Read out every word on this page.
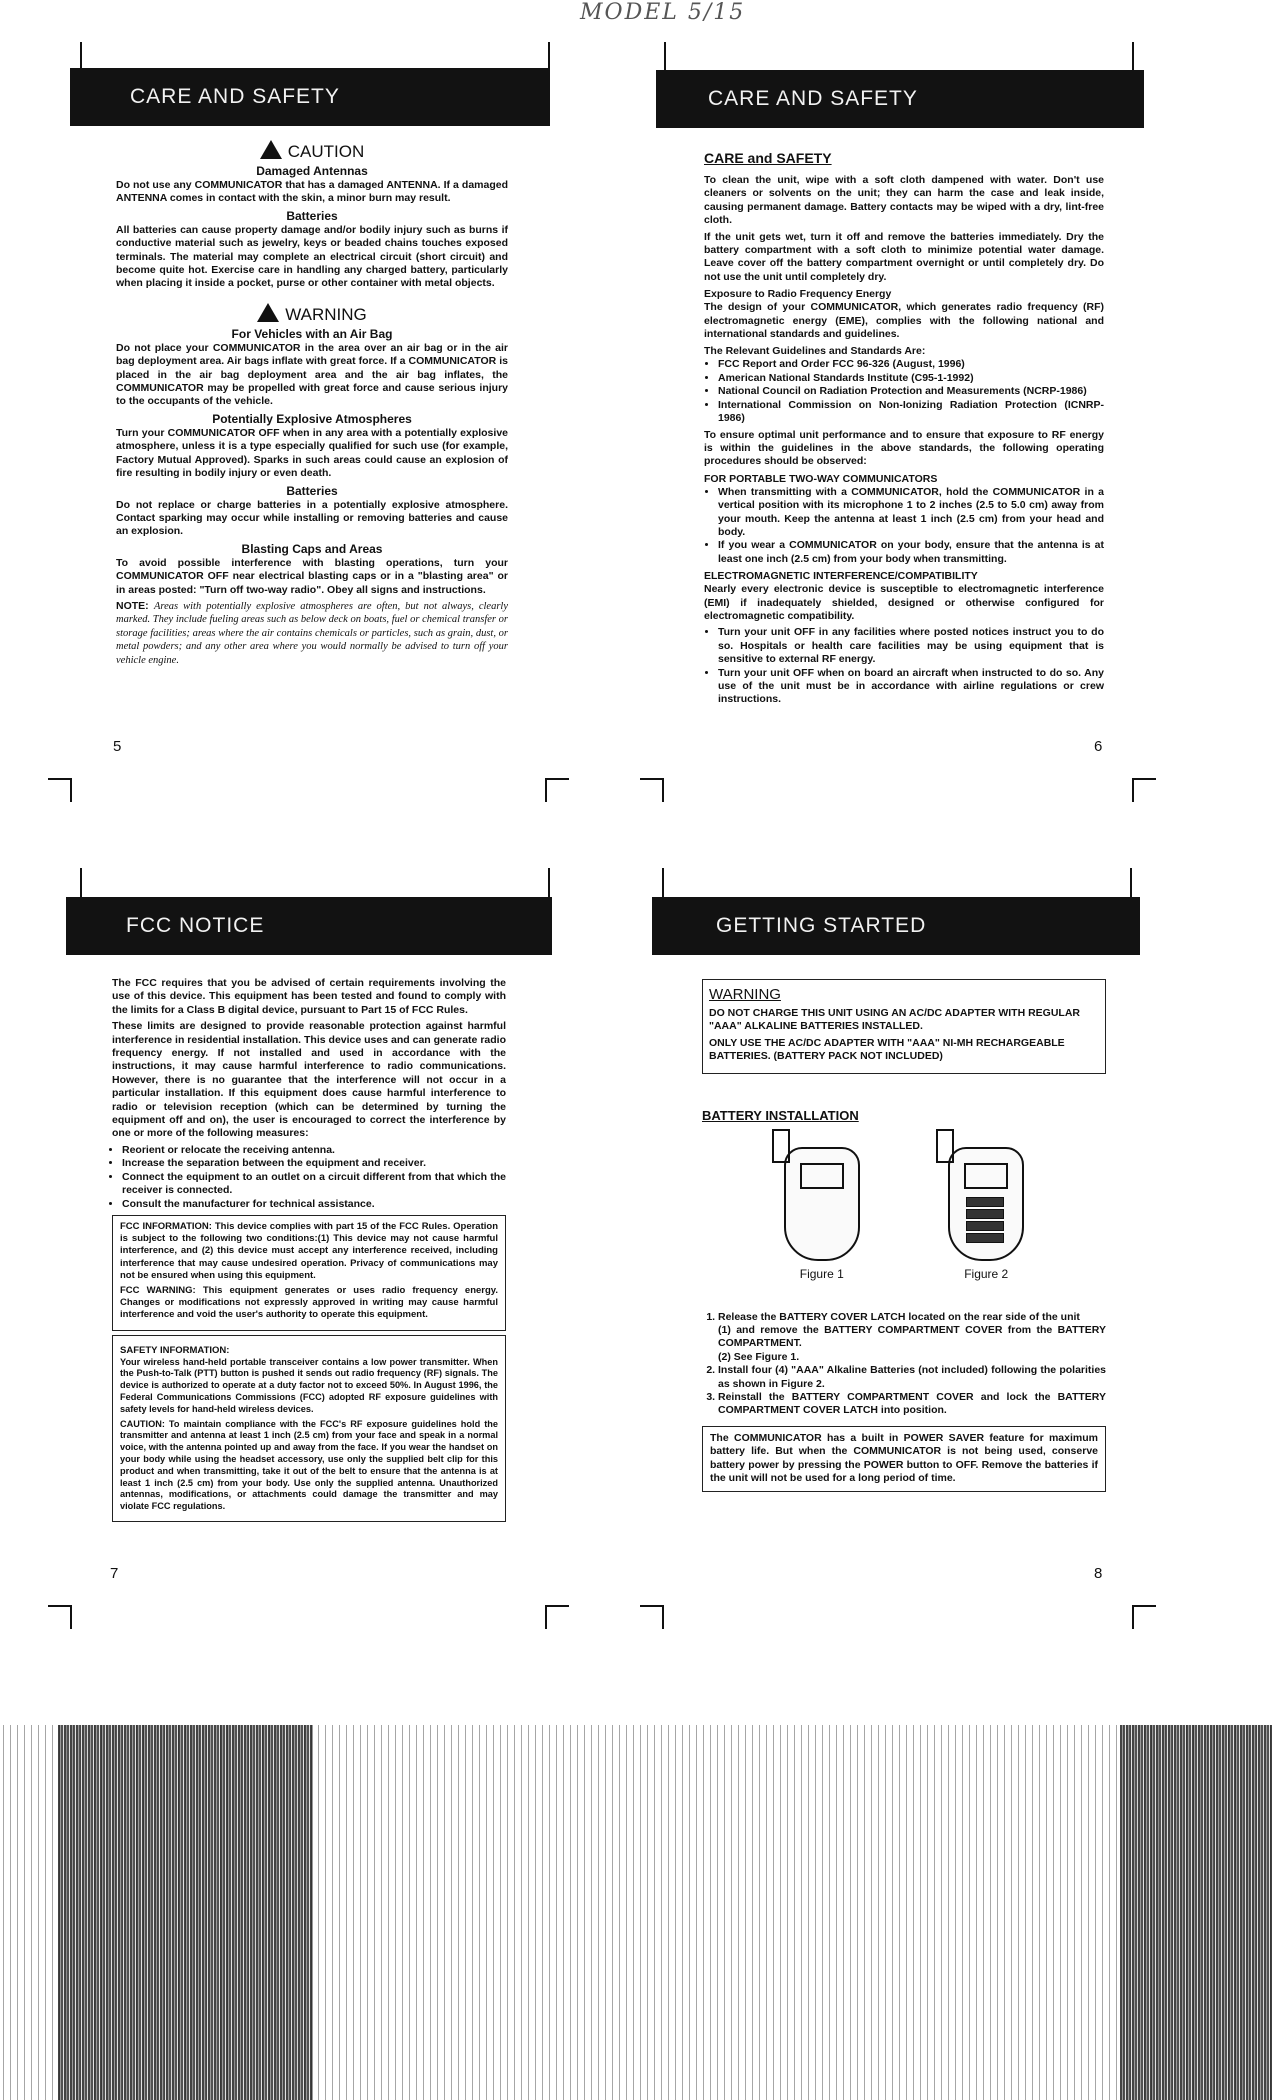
MODEL 5/15
CARE AND SAFETY
CAUTION
Damaged Antennas

Do not use any COMMUNICATOR that has a damaged ANTENNA. If a damaged ANTENNA comes in contact with the skin, a minor burn may result.

Batteries

All batteries can cause property damage and/or bodily injury such as burns if conductive material such as jewelry, keys or beaded chains touches exposed terminals. The material may complete an electrical circuit (short circuit) and become quite hot. Exercise care in handling any charged battery, particularly when placing it inside a pocket, purse or other container with metal objects.

WARNING
For Vehicles with an Air Bag

Do not place your COMMUNICATOR in the area over an air bag or in the air bag deployment area. Air bags inflate with great force. If a COMMUNICATOR is placed in the air bag deployment area and the air bag inflates, the COMMUNICATOR may be propelled with great force and cause serious injury to the occupants of the vehicle.

Potentially Explosive Atmospheres

Turn your COMMUNICATOR OFF when in any area with a potentially explosive atmosphere, unless it is a type especially qualified for such use (for example, Factory Mutual Approved). Sparks in such areas could cause an explosion of fire resulting in bodily injury or even death.

Batteries

Do not replace or charge batteries in a potentially explosive atmosphere. Contact sparking may occur while installing or removing batteries and cause an explosion.

Blasting Caps and Areas

To avoid possible interference with blasting operations, turn your COMMUNICATOR OFF near electrical blasting caps or in a "blasting area" or in areas posted: "Turn off two-way radio". Obey all signs and instructions.

NOTE: Areas with potentially explosive atmospheres are often, but not always, clearly marked. They include fueling areas such as below deck on boats, fuel or chemical transfer or storage facilities; areas where the air contains chemicals or particles, such as grain, dust, or metal powders; and any other area where you would normally be advised to turn off your vehicle engine.

5
CARE AND SAFETY
CARE and SAFETY

To clean the unit, wipe with a soft cloth dampened with water. Don't use cleaners or solvents on the unit; they can harm the case and leak inside, causing permanent damage. Battery contacts may be wiped with a dry, lint-free cloth.

If the unit gets wet, turn it off and remove the batteries immediately. Dry the battery compartment with a soft cloth to minimize potential water damage. Leave cover off the battery compartment overnight or until completely dry. Do not use the unit until completely dry.

Exposure to Radio Frequency Energy

The design of your COMMUNICATOR, which generates radio frequency (RF) electromagnetic energy (EME), complies with the following national and international standards and guidelines.

The Relevant Guidelines and Standards Are:
• FCC Report and Order FCC 96-326 (August, 1996)
• American National Standards Institute (C95-1-1992)
• National Council on Radiation Protection and Measurements (NCRP-1986)
• International Commission on Non-Ionizing Radiation Protection (ICNRP-1986)

To ensure optimal unit performance and to ensure that exposure to RF energy is within the guidelines in the above standards, the following operating procedures should be observed:

FOR PORTABLE TWO-WAY COMMUNICATORS
• When transmitting with a COMMUNICATOR, hold the COMMUNICATOR in a vertical position with its microphone 1 to 2 inches (2.5 to 5.0 cm) away from your mouth. Keep the antenna at least 1 inch (2.5 cm) from your head and body.
• If you wear a COMMUNICATOR on your body, ensure that the antenna is at least one inch (2.5 cm) from your body when transmitting.
ELECTROMAGNETIC INTERFERENCE/COMPATIBILITY

Nearly every electronic device is susceptible to electromagnetic interference (EMI) if inadequately shielded, designed or otherwise configured for electromagnetic compatibility.

• Turn your unit OFF in any facilities where posted notices instruct you to do so. Hospitals or health care facilities may be using equipment that is sensitive to external RF energy.
• Turn your unit OFF when on board an aircraft when instructed to do so. Any use of the unit must be in accordance with airline regulations or crew instructions.
6
FCC NOTICE

The FCC requires that you be advised of certain requirements involving the use of this device. This equipment has been tested and found to comply with the limits for a Class B digital device, pursuant to Part 15 of FCC Rules.

These limits are designed to provide reasonable protection against harmful interference in residential installation. This device uses and can generate radio frequency energy. If not installed and used in accordance with the instructions, it may cause harmful interference to radio communications. However, there is no guarantee that the interference will not occur in a particular installation. If this equipment does cause harmful interference to radio or television reception (which can be determined by turning the equipment off and on), the user is encouraged to correct the interference by one or more of the following measures:

• Reorient or relocate the receiving antenna.
• Increase the separation between the equipment and receiver.
• Connect the equipment to an outlet on a circuit different from that which the receiver is connected.
• Consult the manufacturer for technical assistance.

FCC INFORMATION: This device complies with part 15 of the FCC Rules. Operation is subject to the following two conditions:(1) This device may not cause harmful interference, and (2) this device must accept any interference received, including interference that may cause undesired operation. Privacy of communications may not be ensured when using this equipment.

FCC WARNING: This equipment generates or uses radio frequency energy. Changes or modifications not expressly approved in writing may cause harmful interference and void the user's authority to operate this equipment.

SAFETY INFORMATION:

Your wireless hand-held portable transceiver contains a low power transmitter. When the Push-to-Talk (PTT) button is pushed it sends out radio frequency (RF) signals. The device is authorized to operate at a duty factor not to exceed 50%. In August 1996, the Federal Communications Commissions (FCC) adopted RF exposure guidelines with safety levels for hand-held wireless devices.

CAUTION: To maintain compliance with the FCC's RF exposure guidelines hold the transmitter and antenna at least 1 inch (2.5 cm) from your face and speak in a normal voice, with the antenna pointed up and away from the face. If you wear the handset on your body while using the headset accessory, use only the supplied belt clip for this product and when transmitting, take it out of the belt to ensure that the antenna is at least 1 inch (2.5 cm) from your body. Use only the supplied antenna. Unauthorized antennas, modifications, or attachments could damage the transmitter and may violate FCC regulations.

7
GETTING STARTED
WARNING

DO NOT CHARGE THIS UNIT USING AN AC/DC ADAPTER WITH REGULAR "AAA" ALKALINE BATTERIES INSTALLED.

ONLY USE THE AC/DC ADAPTER WITH "AAA" NI-MH RECHARGEABLE BATTERIES. (BATTERY PACK NOT INCLUDED)

BATTERY INSTALLATION
Figure 1
	Figure 2
1. Release the BATTERY COVER LATCH located on the rear side of the unit
(1) and remove the BATTERY COMPARTMENT COVER from the BATTERY COMPARTMENT.
(2) See Figure 1.
2. Install four (4) "AAA" Alkaline Batteries (not included) following the polarities as shown in Figure 2.
3. Reinstall the BATTERY COMPARTMENT COVER and lock the BATTERY COMPARTMENT COVER LATCH into position.

The COMMUNICATOR has a built in POWER SAVER feature for maximum battery life. But when the COMMUNICATOR is not being used, conserve battery power by pressing the POWER button to OFF. Remove the batteries if the unit will not be used for a long period of time.

8
